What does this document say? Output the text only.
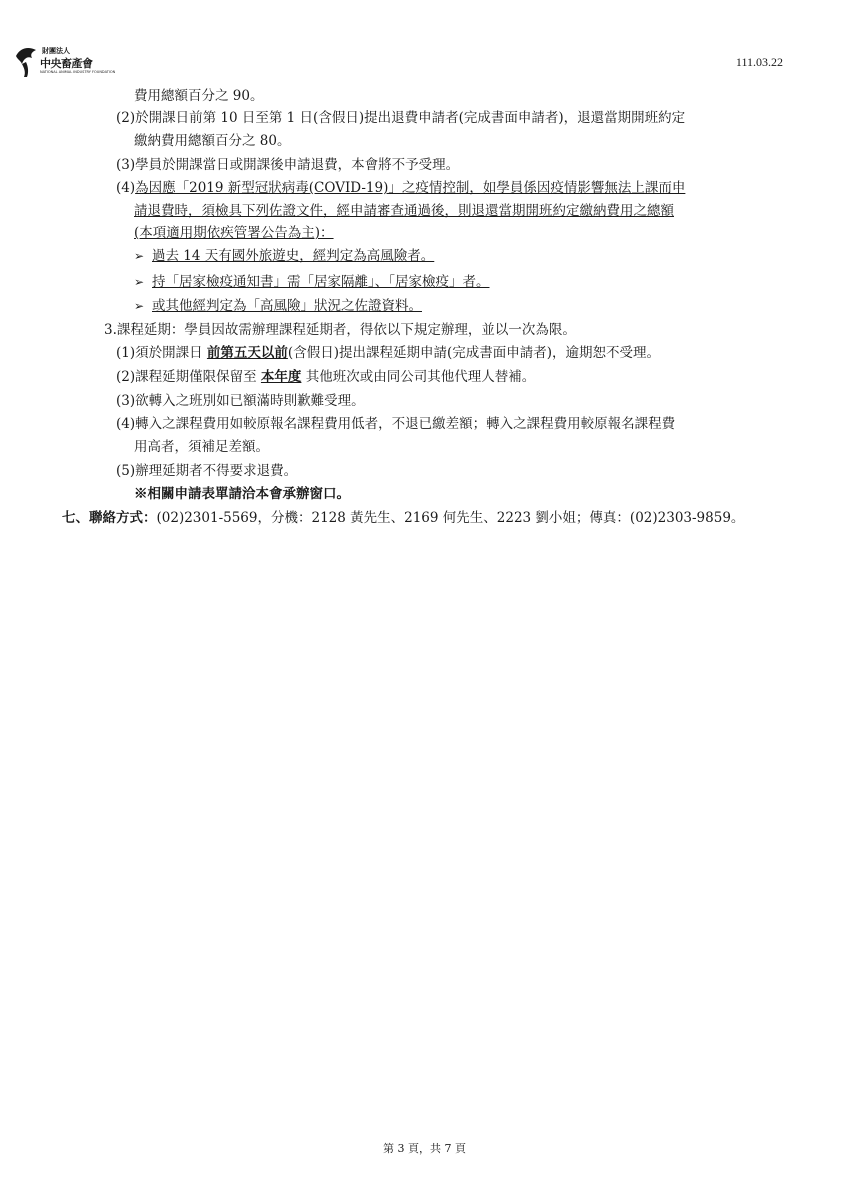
財團法人
中央畜產會
NATIONAL ANIMAL INDUSTRY FOUNDATION
111.03.22
費用總額百分之 90。
(2)於開課日前第 10 日至第 1 日(含假日)提出退費申請者(完成書面申請者)，退還當期開班約定
繳納費用總額百分之 80。
(3)學員於開課當日或開課後申請退費，本會將不予受理。
(4)為因應「2019 新型冠狀病毒(COVID-19)」之疫情控制，如學員係因疫情影響無法上課而申
請退費時，須檢具下列佐證文件，經申請審查通過後，則退還當期開班約定繳納費用之總額
(本項適用期依疾管署公告為主)：
➢ 過去 14 天有國外旅遊史，經判定為高風險者。
➢ 持「居家檢疫通知書」需「居家隔離」、「居家檢疫」者。
➢ 或其他經判定為「高風險」狀況之佐證資料。
3.課程延期：學員因故需辦理課程延期者，得依以下規定辦理，並以一次為限。
(1)須於開課日 前第五天以前(含假日)提出課程延期申請(完成書面申請者)，逾期恕不受理。
(2)課程延期僅限保留至 本年度 其他班次或由同公司其他代理人替補。
(3)欲轉入之班別如已額滿時則歉難受理。
(4)轉入之課程費用如較原報名課程費用低者，不退已繳差額；轉入之課程費用較原報名課程費
用高者，須補足差額。
(5)辦理延期者不得要求退費。
※相關申請表單請洽本會承辦窗口。
七、聯絡方式：(02)2301-5569，分機：2128 黃先生、2169 何先生、2223 劉小姐；傳真：(02)2303-9859。
第 3 頁，共 7 頁
